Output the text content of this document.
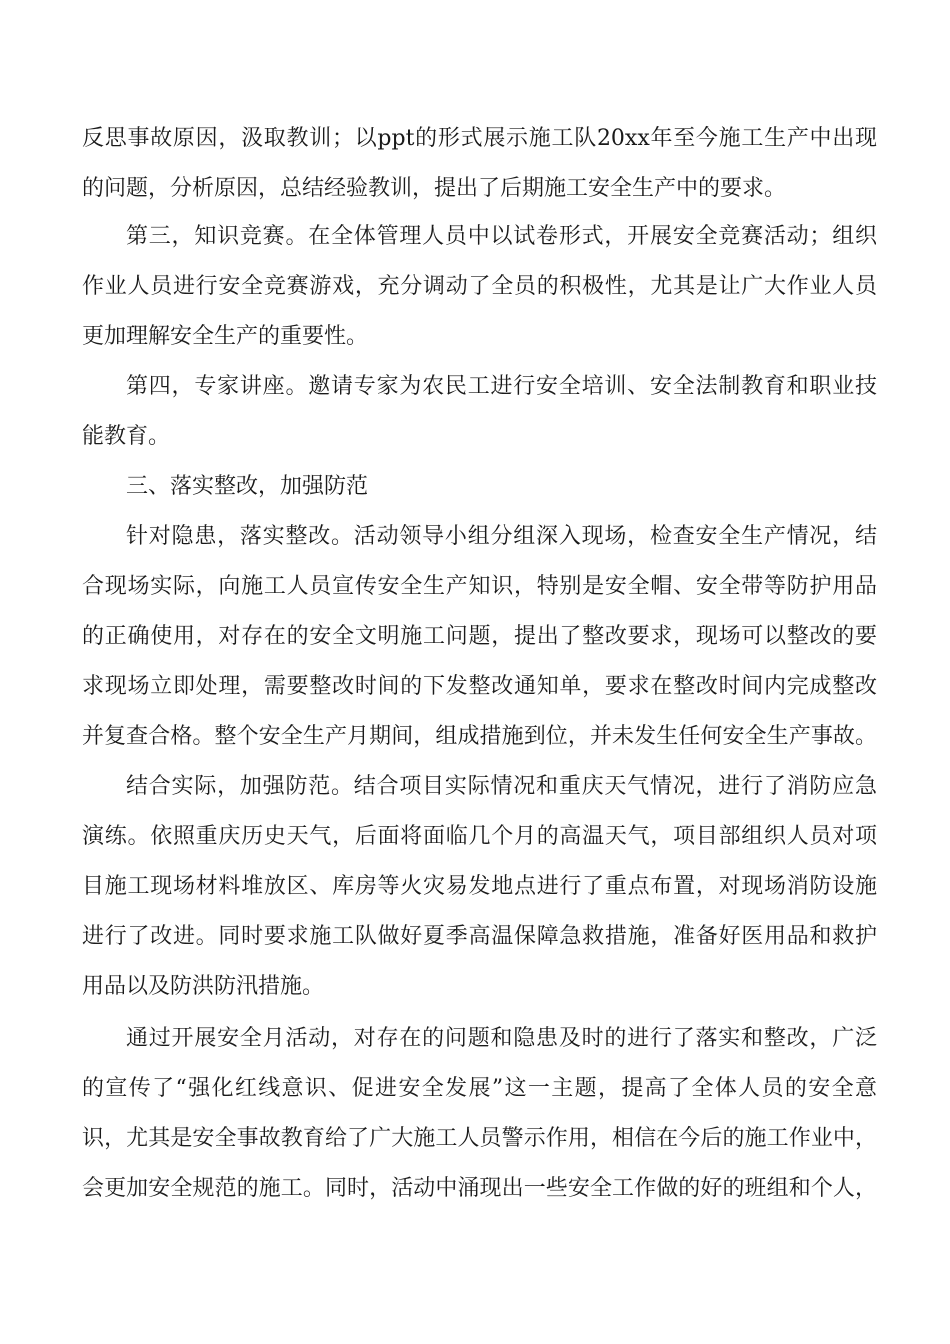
反思事故原因，汲取教训；以ppt的形式展示施工队20xx年至今施工生产中出现
的问题，分析原因，总结经验教训，提出了后期施工安全生产中的要求。
第三，知识竞赛。在全体管理人员中以试卷形式，开展安全竞赛活动；组织
作业人员进行安全竞赛游戏，充分调动了全员的积极性，尤其是让广大作业人员
更加理解安全生产的重要性。
第四，专家讲座。邀请专家为农民工进行安全培训、安全法制教育和职业技
能教育。
三、落实整改，加强防范
针对隐患，落实整改。活动领导小组分组深入现场，检查安全生产情况，结
合现场实际，向施工人员宣传安全生产知识，特别是安全帽、安全带等防护用品
的正确使用，对存在的安全文明施工问题，提出了整改要求，现场可以整改的要
求现场立即处理，需要整改时间的下发整改通知单，要求在整改时间内完成整改
并复查合格。整个安全生产月期间，组成措施到位，并未发生任何安全生产事故。
结合实际，加强防范。结合项目实际情况和重庆天气情况，进行了消防应急
演练。依照重庆历史天气，后面将面临几个月的高温天气，项目部组织人员对项
目施工现场材料堆放区、库房等火灾易发地点进行了重点布置，对现场消防设施
进行了改进。同时要求施工队做好夏季高温保障急救措施，准备好医用品和救护
用品以及防洪防汛措施。
通过开展安全月活动，对存在的问题和隐患及时的进行了落实和整改，广泛
的宣传了“强化红线意识、促进安全发展”这一主题，提高了全体人员的安全意
识，尤其是安全事故教育给了广大施工人员警示作用，相信在今后的施工作业中，
会更加安全规范的施工。同时，活动中涌现出一些安全工作做的好的班组和个人，
